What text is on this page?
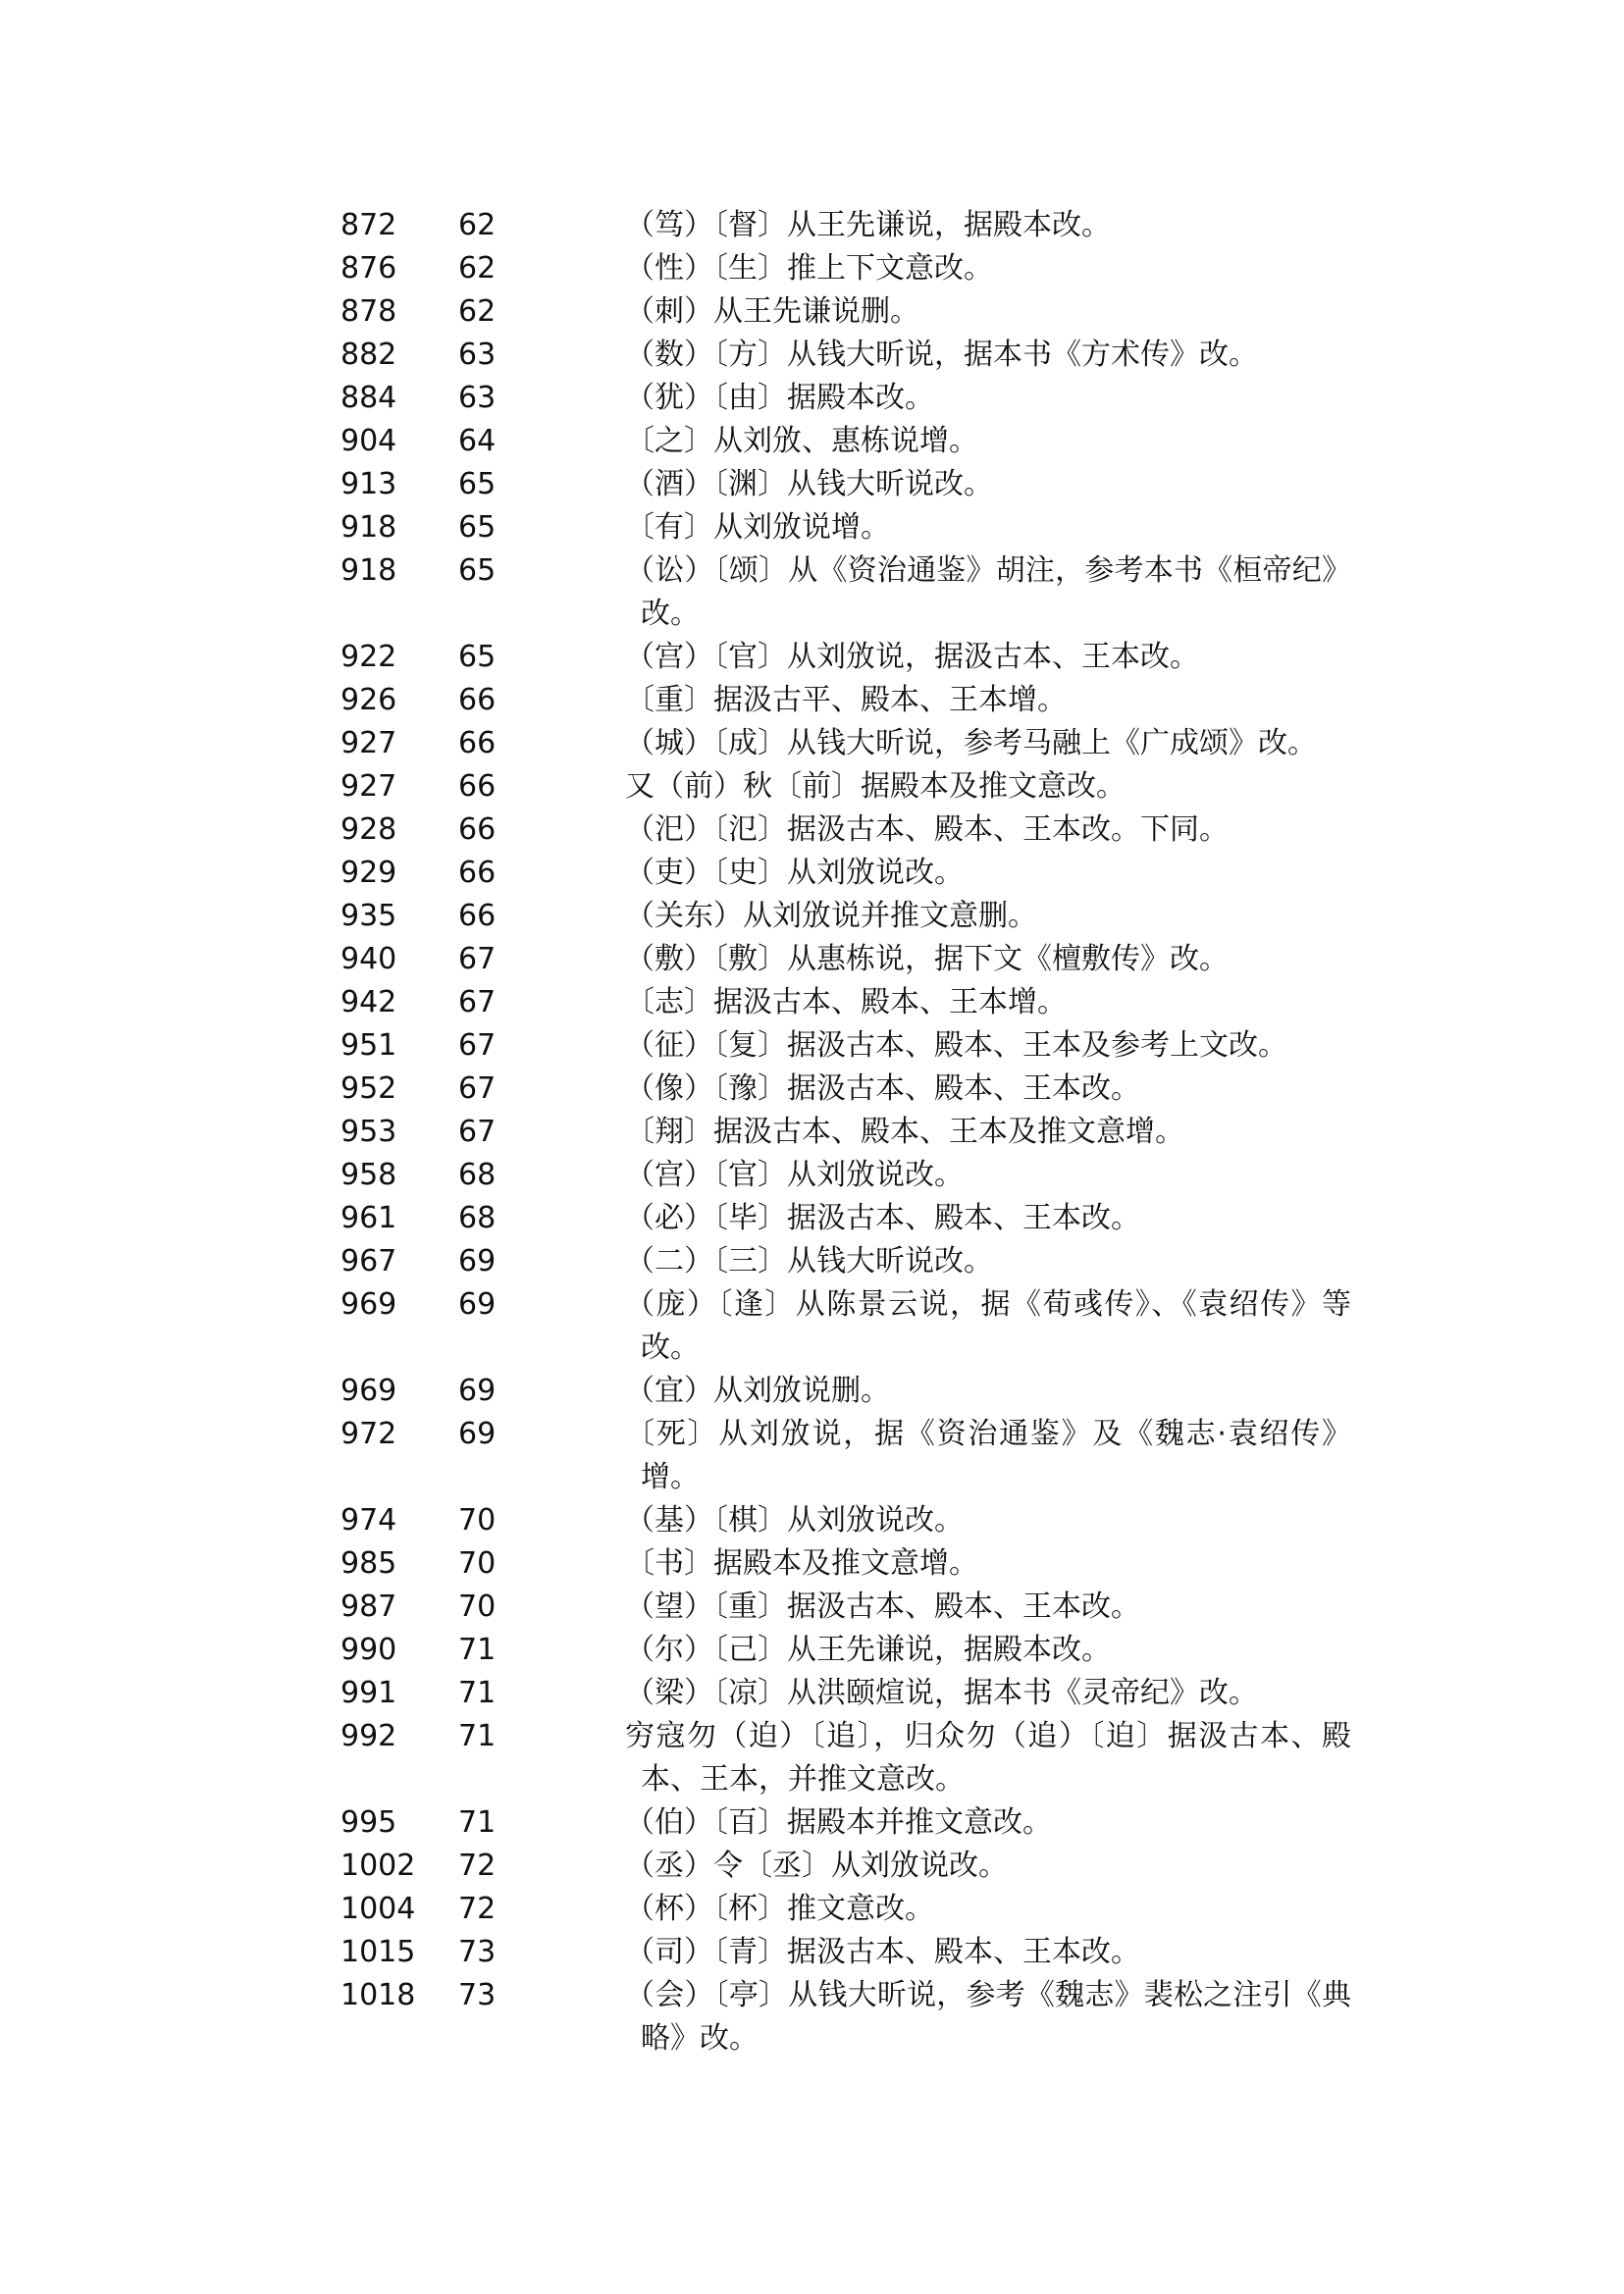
872	62	（笃）〔督〕从王先谦说，据殿本改。
876	62	（性）〔生〕推上下文意改。
878	62	（刺）从王先谦说删。
882	63	（数）〔方〕从钱大昕说，据本书《方术传》改。
884	63	（犹）〔由〕据殿本改。
904	64	〔之〕从刘攽、惠栋说增。
913	65	（酒）〔渊〕从钱大昕说改。
918	65	〔有〕从刘攽说增。
918	65	（讼）〔颂〕从《资治通鉴》胡注，参考本书《桓帝纪》改。
922	65	（宫）〔官〕从刘攽说，据汲古本、王本改。
926	66	〔重〕据汲古平、殿本、王本增。
927	66	（城）〔成〕从钱大昕说，参考马融上《广成颂》改。
927	66	又（前）秋〔前〕据殿本及推文意改。
928	66	（汜）〔氾〕据汲古本、殿本、王本改。下同。
929	66	（吏）〔史〕从刘攽说改。
935	66	（关东）从刘攽说并推文意删。
940	67	（敷）〔敷〕从惠栋说，据下文《檀敷传》改。
942	67	〔志〕据汲古本、殿本、王本增。
951	67	（征）〔复〕据汲古本、殿本、王本及参考上文改。
952	67	（像）〔豫〕据汲古本、殿本、王本改。
953	67	〔翔〕据汲古本、殿本、王本及推文意增。
958	68	（宫）〔官〕从刘攽说改。
961	68	（必）〔毕〕据汲古本、殿本、王本改。
967	69	（二）〔三〕从钱大昕说改。
969	69	（庞）〔逢〕从陈景云说，据《荀彧传》、《袁绍传》等改。
969	69	（宜）从刘攽说删。
972	69	〔死〕从刘攽说，据《资治通鉴》及《魏志·袁绍传》增。
974	70	（基）〔棋〕从刘攽说改。
985	70	〔书〕据殿本及推文意增。
987	70	（望）〔重〕据汲古本、殿本、王本改。
990	71	（尔）〔己〕从王先谦说，据殿本改。
991	71	（梁）〔凉〕从洪颐煊说，据本书《灵帝纪》改。
992	71	穷寇勿（迫）〔追〕，归众勿（追）〔迫〕据汲古本、殿本、王本，并推文意改。
995	71	（伯）〔百〕据殿本并推文意改。
1002	72	（丞）令〔丞〕从刘攽说改。
1004	72	（杯）〔杯〕推文意改。
1015	73	（司）〔青〕据汲古本、殿本、王本改。
1018	73	（会）〔亭〕从钱大昕说，参考《魏志》裴松之注引《典略》改。
